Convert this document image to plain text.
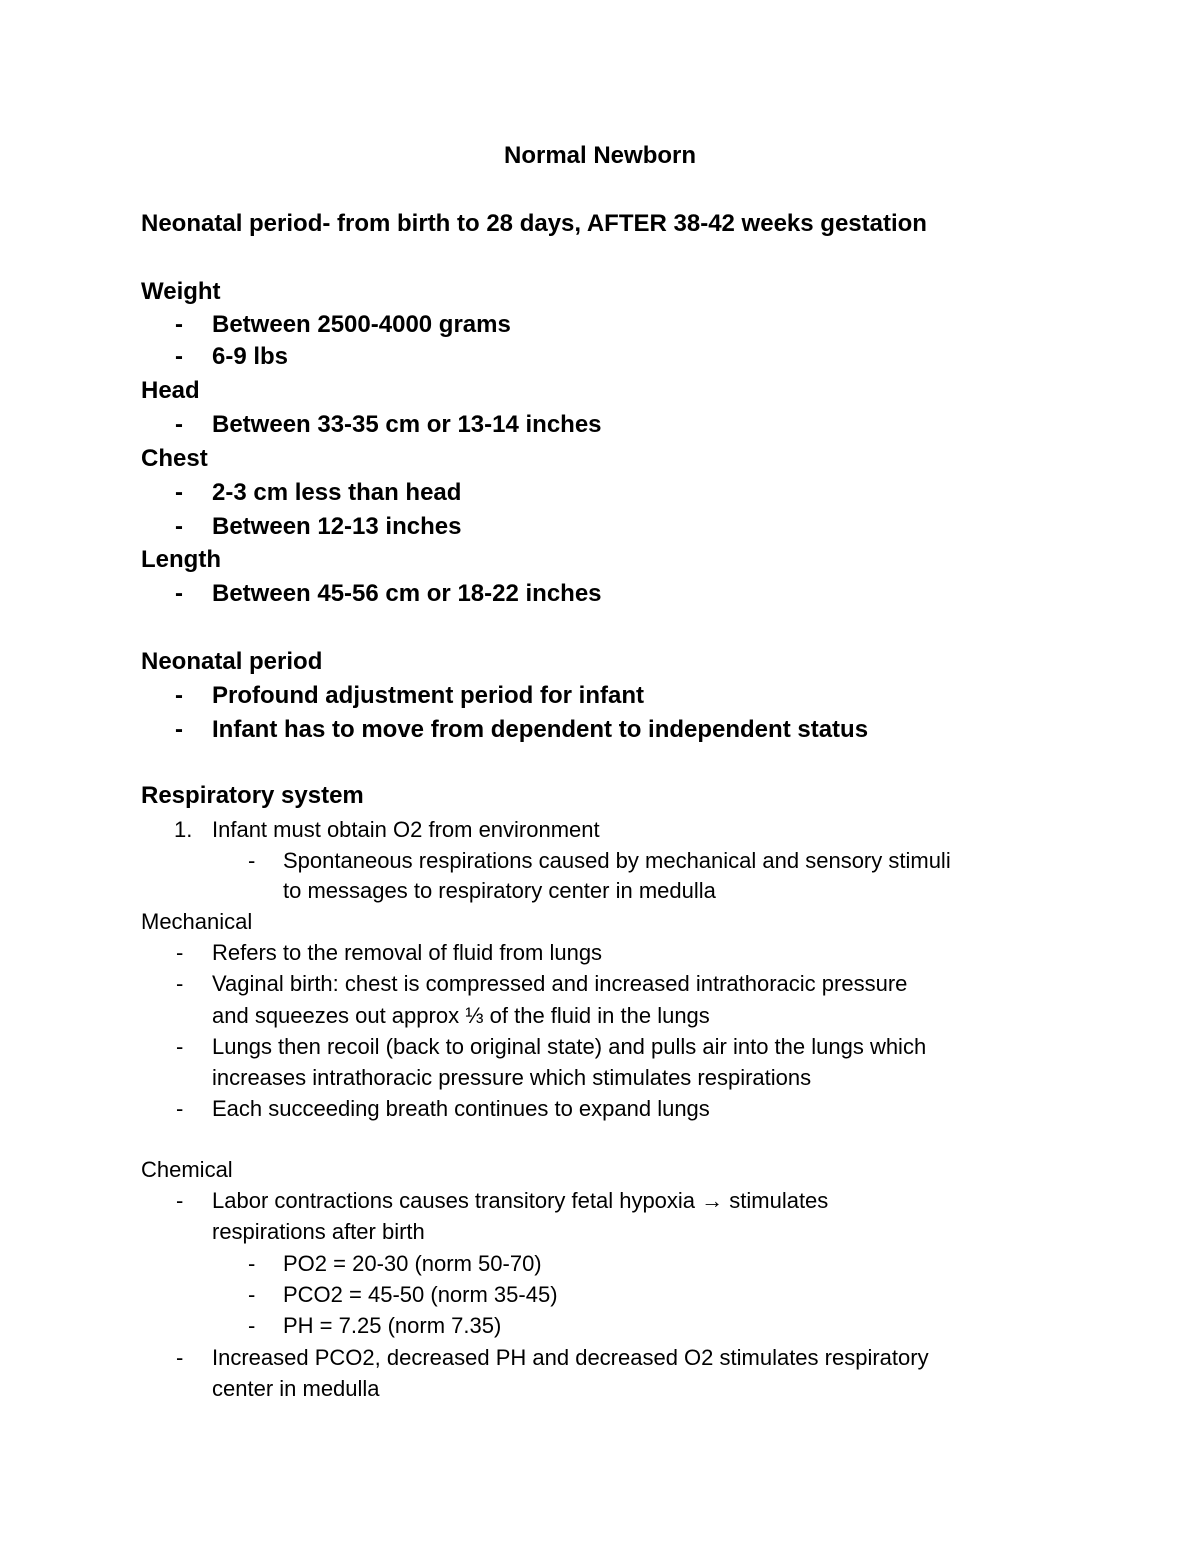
Normal Newborn

Neonatal period- from birth to 28 days, AFTER 38-42 weeks gestation

Weight

- Between 2500-4000 grams

- 6-9 lbs

Head

- Between 33-35 cm or 13-14 inches

Chest

- 2-3 cm less than head

- Between 12-13 inches

Length

- Between 45-56 cm or 18-22 inches

Neonatal period

- Profound adjustment period for infant

- Infant has to move from dependent to independent status

Respiratory system

1. Infant must obtain O2 from environment

- Spontaneous respirations caused by mechanical and sensory stimuli

to messages to respiratory center in medulla

Mechanical

- Refers to the removal of fluid from lungs

- Vaginal birth: chest is compressed and increased intrathoracic pressure

and squeezes out approx ⅓ of the fluid in the lungs

- Lungs then recoil (back to original state) and pulls air into the lungs which

increases intrathoracic pressure which stimulates respirations

- Each succeeding breath continues to expand lungs

Chemical

- Labor contractions causes transitory fetal hypoxia → stimulates

respirations after birth

- PO2 = 20-30 (norm 50-70)

- PCO2 = 45-50 (norm 35-45)

- PH = 7.25 (norm 7.35)

- Increased PCO2, decreased PH and decreased O2 stimulates respiratory

center in medulla
